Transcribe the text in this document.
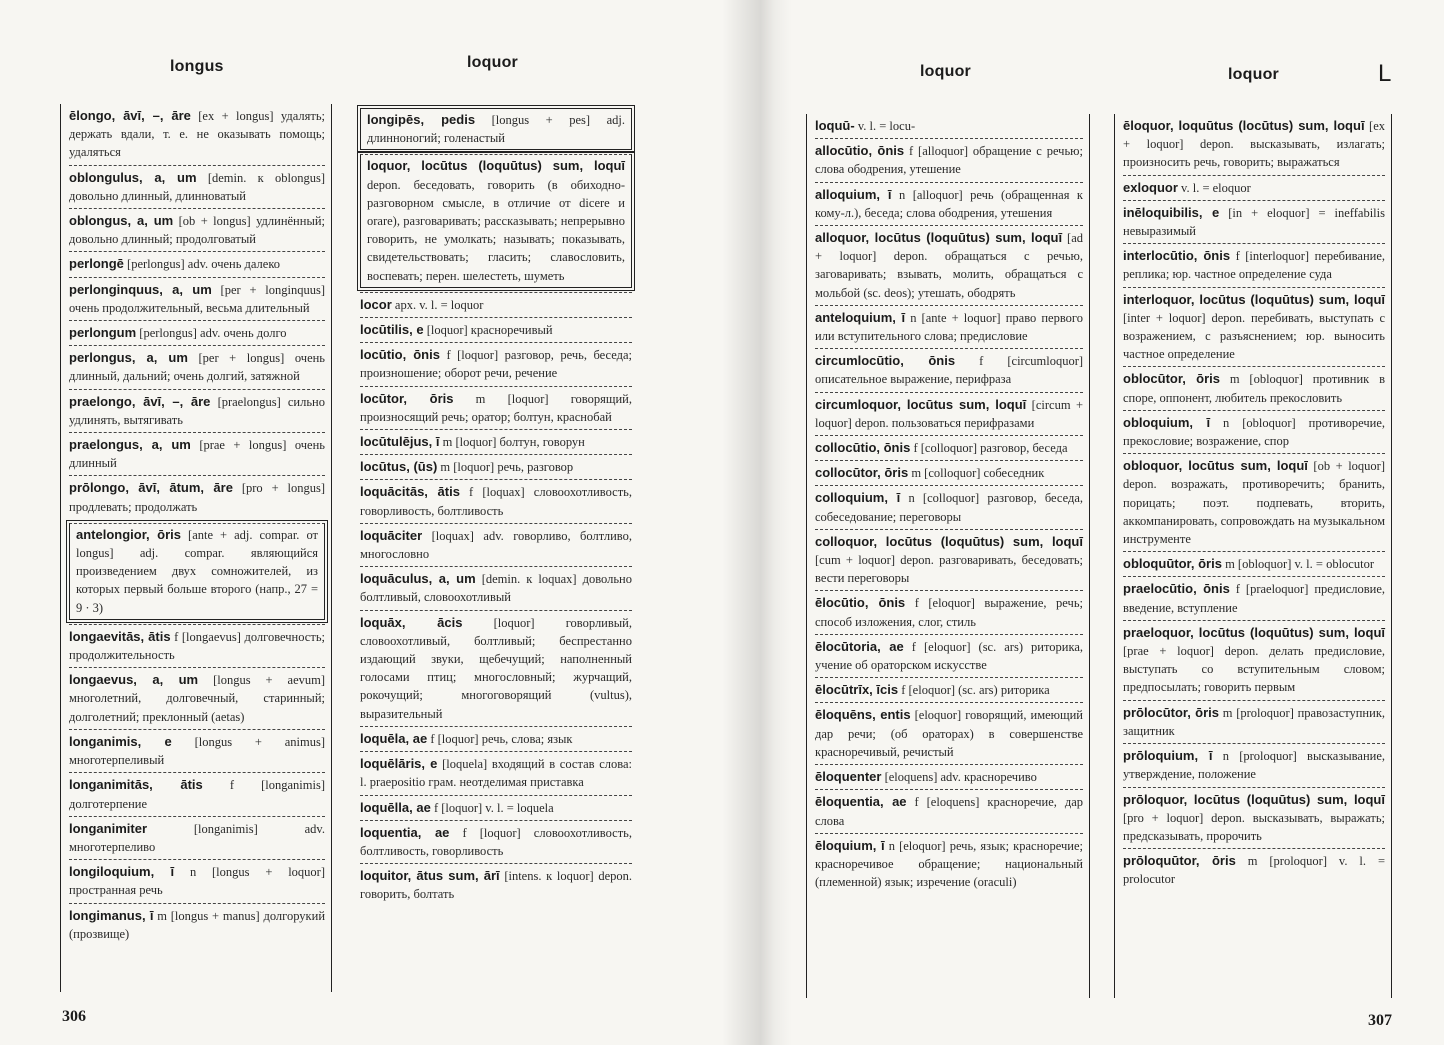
longus	loquor
loquor	loquor	L
ēlongo, āvī, –, āre [ex + longus] удалять; держать вдали, т. е. не оказывать помощь; удаляться
oblongulus, a, um [demin. к oblongus] довольно длинный, длинноватый
oblongus, a, um [ob + longus] удлинённый; довольно длинный; продолговатый
perlongē [perlongus] adv. очень далеко
perlonginquus, a, um [per + longinquus] очень продолжительный, весьма длительный
perlongum [perlongus] adv. очень долго
perlongus, a, um [per + longus] очень длинный, дальний; очень долгий, затяжной
praelongo, āvī, –, āre [praelongus] сильно удлинять, вытягивать
praelongus, a, um [prae + longus] очень длинный
prōlongo, āvī, ātum, āre [pro + longus] продлевать; продолжать
antelongior, ōris [ante + adj. compar. от longus] adj. compar. являющийся произведением двух сомножителей, из которых первый больше второго (напр., 27 = 9 · 3)
longaevitās, ātis f [longaevus] долговечность; продолжительность
longaevus, a, um [longus + aevum] многолетний, долговечный, старинный; долголетний; преклонный (aetas)
longanimis, e [longus + animus] многотерпеливый
longanimitās, ātis f [longanimis] долготерпение
longanimiter	[longanimis] adv. многотерпеливо
longiloquium, ī n [longus + loquor] пространная речь
longimanus, ī m [longus + manus] долгорукий (прозвище)
longipēs, pedis [longus + pes] adj. длинноногий; голенастый
loquor, locūtus (loquūtus) sum, loquī depon. беседовать, говорить (в обиходно-разговорном смысле, в отличие от dicere и orare), разговаривать; рассказывать; непрерывно говорить, не умолкать; называть; показывать, свидетельствовать; гласить; славословить, воспевать; перен. шелестеть, шуметь
locor арх. v. l. = loquor
locūtilis, e [loquor] красноречивый
locūtio, ōnis f [loquor] разговор, речь, беседа; произношение; оборот речи, речение
locūtor, ōris m [loquor] говорящий, произносящий речь; оратор; болтун, краснобай
locūtulējus, ī m [loquor] болтун, говорун
locūtus, (ūs) m [loquor] речь, разговор
loquācitās, ātis f [loquax] словоохотливость, говорливость, болтливость
loquāciter [loquax] adv. говорливо, болтливо, многословно
loquāculus, a, um [demin. к loquax] довольно болтливый, словоохотливый
loquāx, ācis [loquor] говорливый, словоохотливый, болтливый; беспрестанно издающий звуки, щебечущий; наполненный голосами птиц; многословный; журчащий, рокочущий; многоговорящий (vultus), выразительный
loquēla, ae f [loquor] речь, слова; язык
loquēlāris, e [loquela] входящий в состав слова: l. praepositio грам. неотделимая приставка
loquēlla, ae f [loquor] v. l. = loquela
loquentia, ae f [loquor] словоохотливость, болтливость, говорливость
loquitor, ātus sum, ārī [intens. к loquor] depon. говорить, болтать
loquū- v. l. = locu-
allocūtio, ōnis f [alloquor] обращение с речью; слова ободрения, утешение
alloquium, ī n [alloquor] речь (обращенная к кому-л.), беседа; слова ободрения, утешения
alloquor, locūtus (loquūtus) sum, loquī [ad + loquor] depon. обращаться с речью, заговаривать; взывать, молить, обращаться с мольбой (sc. deos); утешать, ободрять
anteloquium, ī n [ante + loquor] право первого или вступительного слова; предисловие
circumlocūtio, ōnis f [circumloquor] описательное выражение, перифраза
circumloquor, locūtus sum, loquī [circum + loquor] depon. пользоваться перифразами
collocūtio, ōnis f [colloquor] разговор, беседа
collocūtor, ōris m [colloquor] собеседник
colloquium, ī n [colloquor] разговор, беседа, собеседование; переговоры
colloquor, locūtus (loquūtus) sum, loquī [cum + loquor] depon. разговаривать, беседовать; вести переговоры
ēlocūtio, ōnis f [eloquor] выражение, речь; способ изложения, слог, стиль
ēlocūtoria, ae f [eloquor] (sc. ars) риторика, учение об ораторском искусстве
ēlocūtrīx, īcis f [eloquor] (sc. ars) риторика
ēloquēns, entis [eloquor] говорящий, имеющий дар речи; (об ораторах) в совершенстве красноречивый, речистый
ēloquenter [eloquens] adv. красноречиво
ēloquentia, ae f [eloquens] красноречие, дар слова
ēloquium, ī n [eloquor] речь, язык; красноречие; красноречивое обращение; национальный (племенной) язык; изречение (oraculi)
ēloquor, loquūtus (locūtus) sum, loquī [ex + loquor] depon. высказывать, излагать; произносить речь, говорить; выражаться
exloquor v. l. = eloquor
inēloquibilis, e [in + eloquor] = ineffabilis невыразимый
interlocūtio, ōnis f [interloquor] перебивание, реплика; юр. частное определение суда
interloquor, locūtus (loquūtus) sum, loquī [inter + loquor] depon. перебивать, выступать с возражением, с разъяснением; юр. выносить частное определение
oblocūtor, ōris m [obloquor] противник в споре, оппонент, любитель прекословить
obloquium, ī n [obloquor] противоречие, прекословие; возражение, спор
obloquor, locūtus sum, loquī [ob + loquor] depon. возражать, противоречить; бранить, порицать; поэт. подпевать, вторить, аккомпанировать, сопровождать на музыкальном инструменте
obloquūtor, ōris m [obloquor] v. l. = oblocutor
praelocūtio, ōnis f [praeloquor] предисловие, введение, вступление
praeloquor, locūtus (loquūtus) sum, loquī [prae + loquor] depon. делать предисловие, выступать со вступительным словом; предпосылать; говорить первым
prōlocūtor, ōris m [proloquor] правозаступник, защитник
prōloquium, ī n [proloquor] высказывание, утверждение, положение
prōloquor, locūtus (loquūtus) sum, loquī [pro + loquor] depon. высказывать, выражать; предсказывать, пророчить
prōloquūtor, ōris m [proloquor] v. l. = prolocutor
306	307
